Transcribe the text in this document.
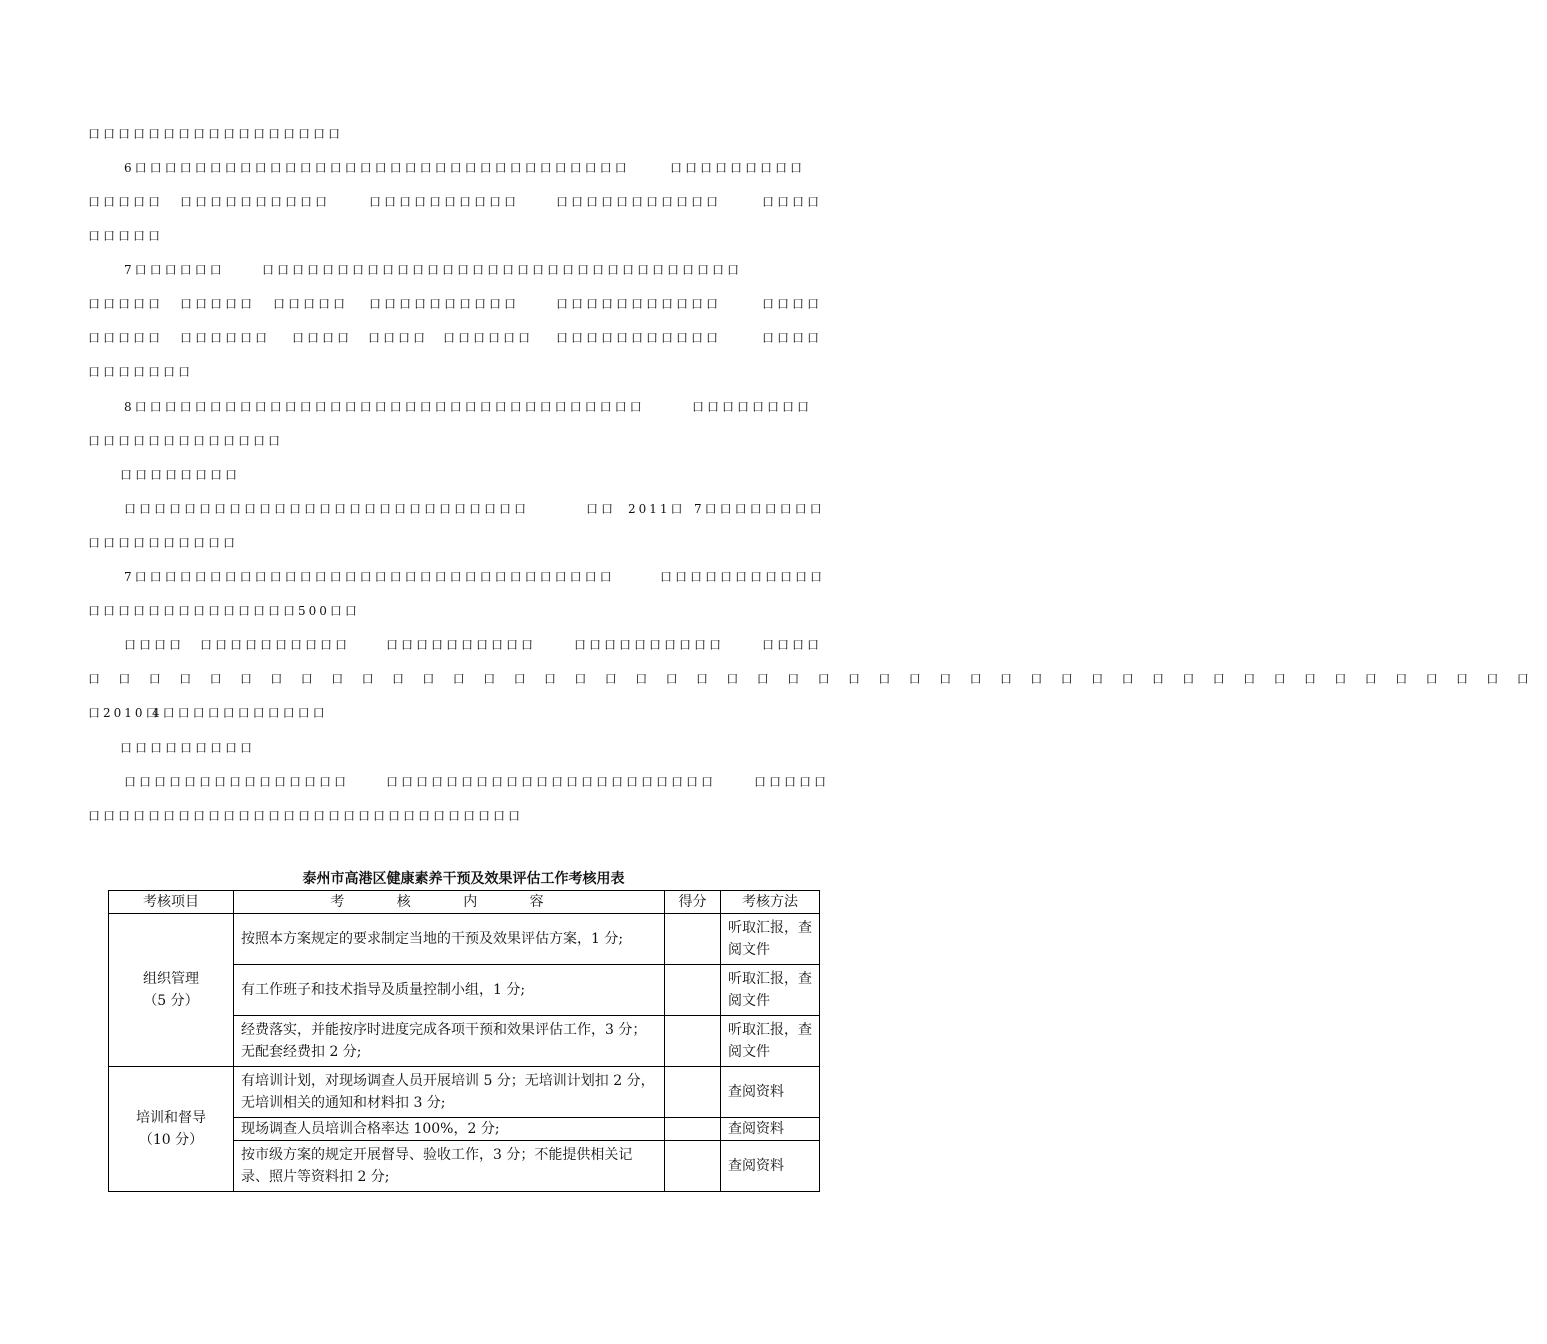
口口口口口口口口口口口口口口口口口
6口口口口口口口口口口口口口口口口口口口口口口口口口口口口口口口口口	口口口口口口口口口
口口口口口 口口口口口口口口口口	口口口口口口口口口口	口口口口口口口口口口口	口口口口
口口口口口
7口口口口口口	口口口口口口口口口口口口口口口口口口口口口口口口口口口口口口口口
口口口口口 口口口口口 口口口口口 口口口口口口口口口口	口口口口口口口口口口口	口口口口
口口口口口 口口口口口口 口口口口 口口口口 口口口口口口 口口口口口口口口口口口	口口口口
口口口口口口口
8口口口口口口口口口口口口口口口口口口口口口口口口口口口口口口口口口口	口口口口口口口口
口口口口口口口口口口口口口
口口口口口口口口
口口口口口口口口口口口口口口口口口口口口口口口口口口口	口口 2011口 7口口口口口口口口
口口口口口口口口口口
7口口口口口口口口口口口口口口口口口口口口口口口口口口口口口口口口	口口口口口口口口口口口
口口口口口口口口口口口口口口 500口口
口口口口 口口口口口口口口口口	口口口口口口口口口口	口口口口口口口口口口	口口口口
口口口口口口口口口口口口口口口口口口口口口口口口口口口口口口口口口口口口口口口口口口口口口口口口
口2010口
4口口口口口口口口口口口
口口口口口口口口口
口口口口口口口口口口口口口口口	口口口口口口口口口口口口口口口口口口口口口口	口口口口口
口口口口口口口口口口口口口口口口口口口口口口口口口口口口口
泰州市高港区健康素养干预及效果评估工作考核用表
考核项目	考 核 内 容	得分	考核方法

组织管理
（5 分）	按照本方案规定的要求制定当地的干预及效果评估方案，1 分;		听取汇报，查阅文件
	有工作班子和技术指导及质量控制小组，1 分;		听取汇报，查阅文件
	经费落实，并能按序时进度完成各项干预和效果评估工作，3 分；无配套经费扣 2 分;		听取汇报，查阅文件

培训和督导
（10 分）	有培训计划，对现场调查人员开展培训 5 分；无培训计划扣 2 分，无培训相关的通知和材料扣 3 分;		查阅资料
	现场调查人员培训合格率达 100%，2 分;		查阅资料
	按市级方案的规定开展督导、验收工作，3 分；不能提供相关记录、照片等资料扣 2 分;		查阅资料
